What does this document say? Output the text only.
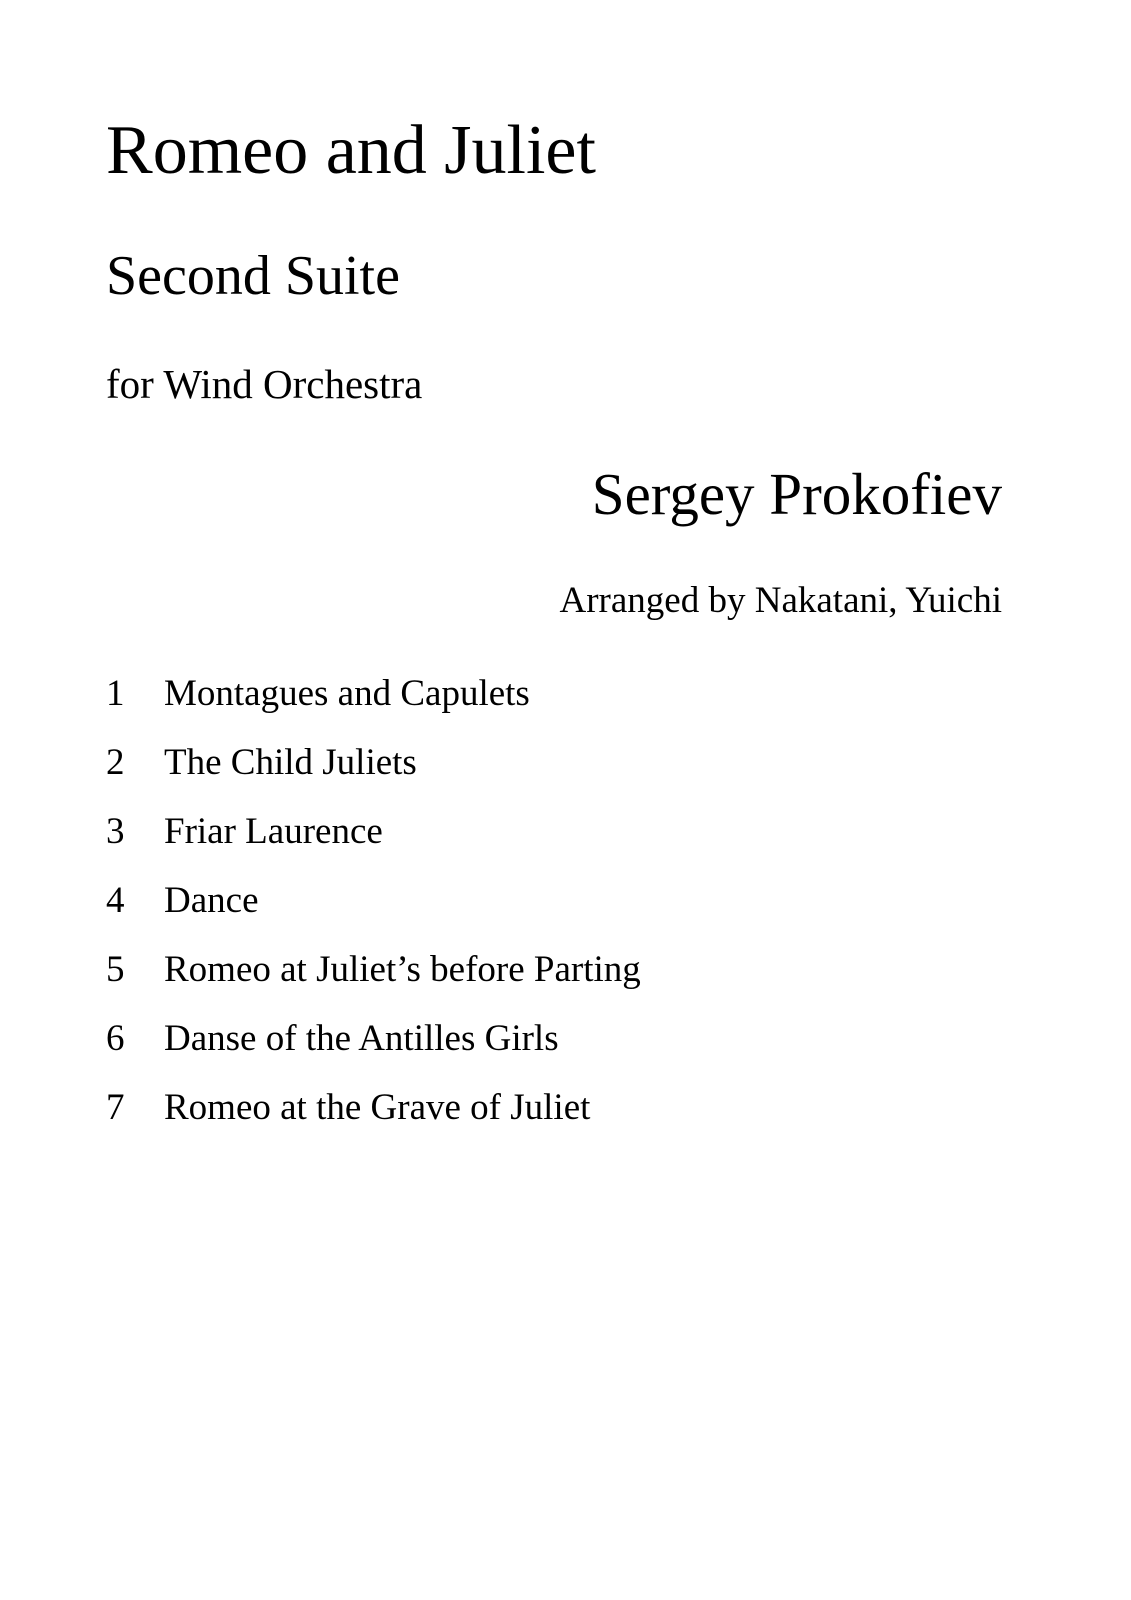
Romeo and Juliet
Second Suite
for Wind Orchestra
Sergey Prokofiev
Arranged by Nakatani, Yuichi
1	Montagues and Capulets
2	The Child Juliets
3	Friar Laurence
4	Dance
5	Romeo at Juliet’s before Parting
6	Danse of the Antilles Girls
7	Romeo at the Grave of Juliet
